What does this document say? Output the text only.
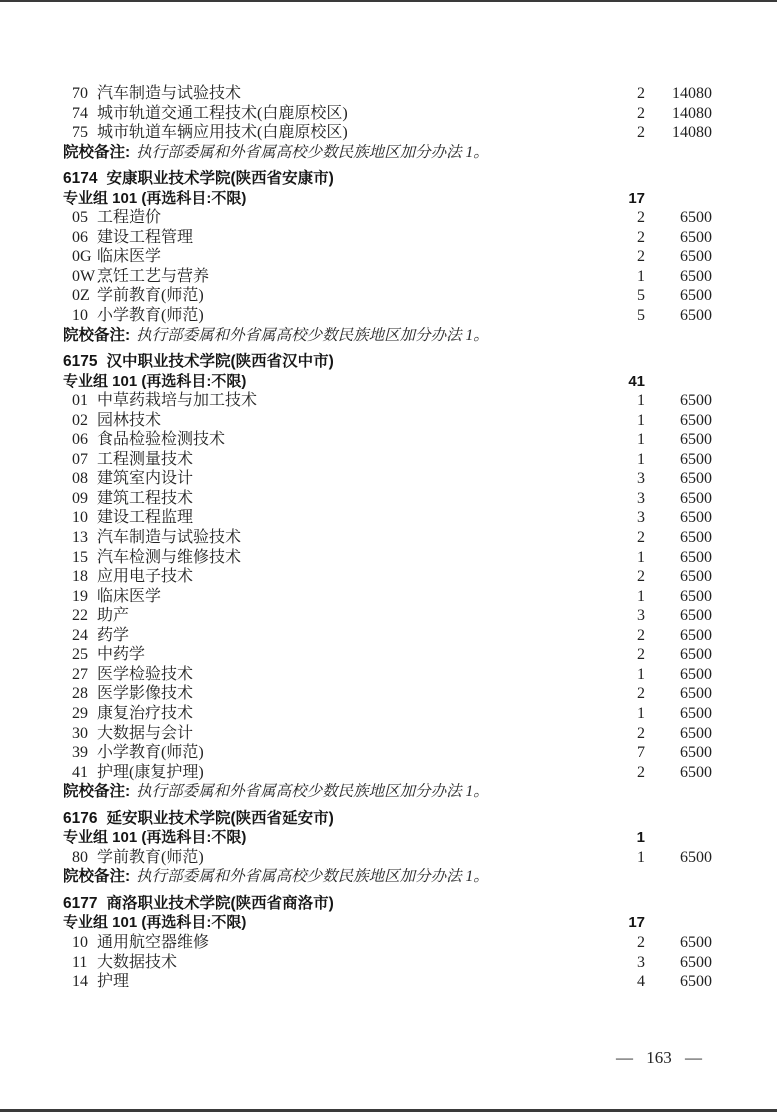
70 汽车制造与试验技术	2	14080
74 城市轨道交通工程技术(白鹿原校区)	2	14080
75 城市轨道车辆应用技术(白鹿原校区)	2	14080
院校备注: 执行部委属和外省属高校少数民族地区加分办法 1。
6174 安康职业技术学院(陕西省安康市)
专业组 101 (再选科目:不限)	17
05 工程造价	2	6500
06 建设工程管理	2	6500
0G 临床医学	2	6500
0W 烹饪工艺与营养	1	6500
0Z 学前教育(师范)	5	6500
10 小学教育(师范)	5	6500
院校备注: 执行部委属和外省属高校少数民族地区加分办法 1。
6175 汉中职业技术学院(陕西省汉中市)
专业组 101 (再选科目:不限)	41
01 中草药栽培与加工技术	1	6500
02 园林技术	1	6500
06 食品检验检测技术	1	6500
07 工程测量技术	1	6500
08 建筑室内设计	3	6500
09 建筑工程技术	3	6500
10 建设工程监理	3	6500
13 汽车制造与试验技术	2	6500
15 汽车检测与维修技术	1	6500
18 应用电子技术	2	6500
19 临床医学	1	6500
22 助产	3	6500
24 药学	2	6500
25 中药学	2	6500
27 医学检验技术	1	6500
28 医学影像技术	2	6500
29 康复治疗技术	1	6500
30 大数据与会计	2	6500
39 小学教育(师范)	7	6500
41 护理(康复护理)	2	6500
院校备注: 执行部委属和外省属高校少数民族地区加分办法 1。
6176 延安职业技术学院(陕西省延安市)
专业组 101 (再选科目:不限)	1
80 学前教育(师范)	1	6500
院校备注: 执行部委属和外省属高校少数民族地区加分办法 1。
6177 商洛职业技术学院(陕西省商洛市)
专业组 101 (再选科目:不限)	17
10 通用航空器维修	2	6500
11 大数据技术	3	6500
14 护理	4	6500
— 163 —
